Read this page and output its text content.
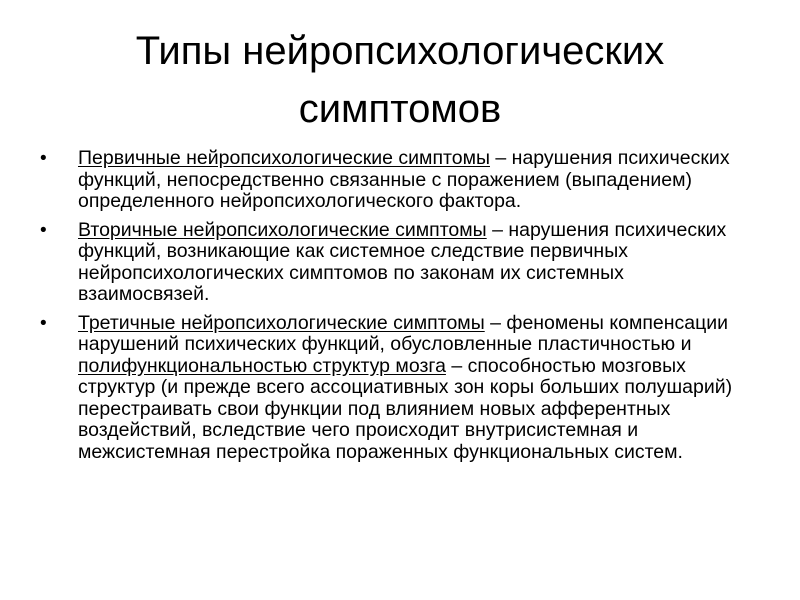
Типы нейропсихологических
симптомов
•	Первичные нейропсихологические симптомы – нарушения психических функций, непосредственно связанные с поражением (выпадением) определенного нейропсихологического фактора.
•	Вторичные нейропсихологические симптомы – нарушения психических функций, возникающие как системное следствие первичных нейропсихологических симптомов по законам их системных взаимосвязей.
•	Третичные нейропсихологические симптомы – феномены компенсации нарушений психических функций, обусловленные пластичностью и полифункциональностью структур мозга – способностью мозговых структур (и прежде всего ассоциативных зон коры больших полушарий) перестраивать свои функции под влиянием новых афферентных воздействий, вследствие чего происходит внутрисистемная и межсистемная перестройка пораженных функциональных систем.
